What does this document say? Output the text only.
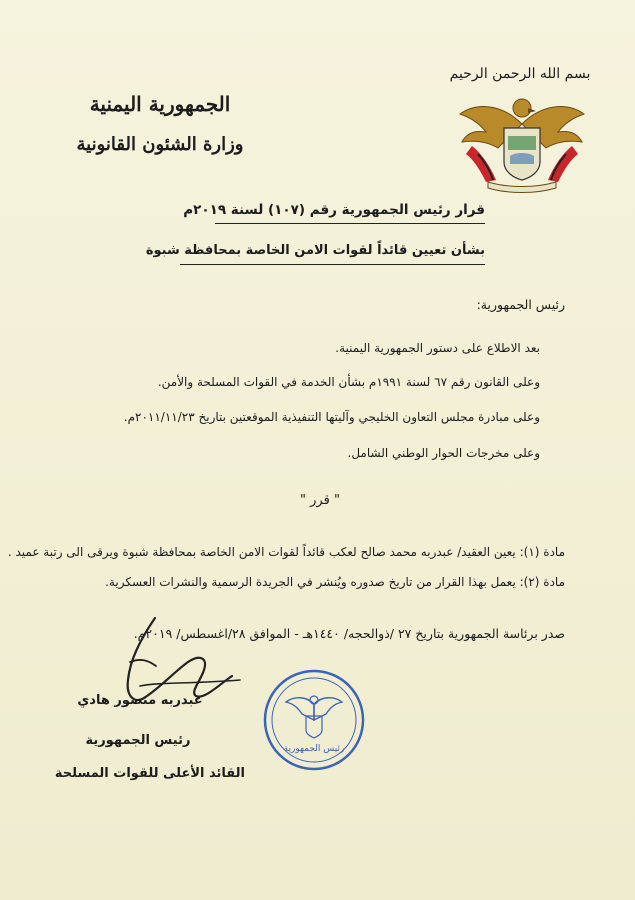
بسم الله الرحمن الرحيم
الجمهورية اليمنية
وزارة الشئون القانونية
قرار رئيس الجمهورية رقم (١٠٧) لسنة ٢٠١٩م
بشأن تعيين قائداً لقوات الامن الخاصة بمحافظة شبوة
رئيس الجمهورية:
بعد الاطلاع على دستور الجمهورية اليمنية.
وعلى القانون رقم ٦٧ لسنة ١٩٩١م بشأن الخدمة في القوات المسلحة والأمن.
وعلى مبادرة مجلس التعاون الخليجي وآليتها التنفيذية الموقعتين بتاريخ ٢٠١١/١١/٢٣م.
وعلى مخرجات الحوار الوطني الشامل.
" قرر "
مادة (١): يعين العقيد/ عبدربه محمد صالح لعكب قائداً لقوات الامن الخاصة بمحافظة شبوة ويرقى الى رتبة عميد .
مادة (٢): يعمل بهذا القرار من تاريخ صدوره ويُنشر في الجريدة الرسمية والنشرات العسكرية.
صدر برئاسة الجمهورية بتاريخ ٢٧ /ذوالحجه/ ١٤٤٠هـ - الموافق ٢٨/اغسطس/ ٢٠١٩م.
رئيس الجمهورية
عبدربه منصور هادي
رئيس الجمهورية
القائد الأعلى للقوات المسلحة
